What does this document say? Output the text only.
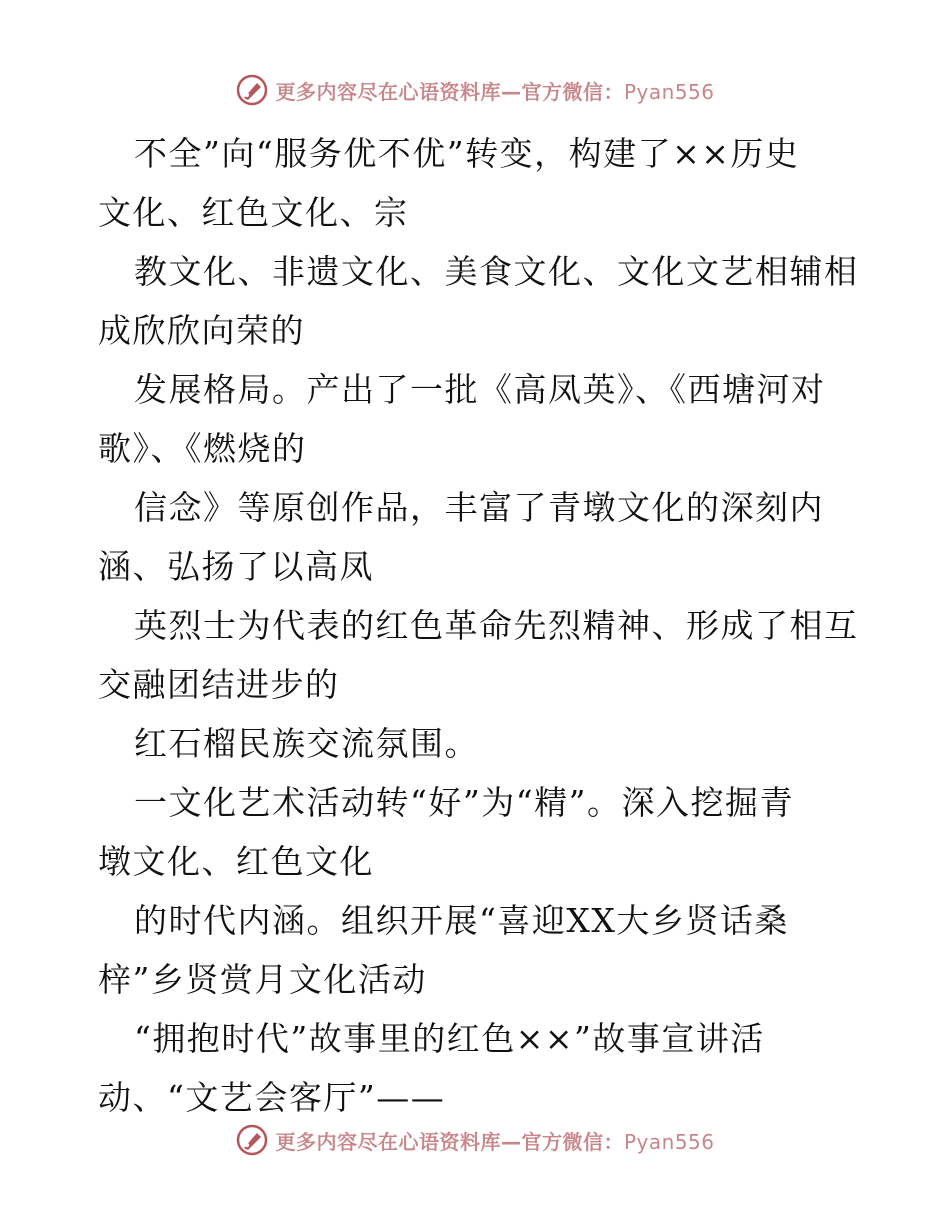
更多内容尽在心语资料库—官方微信：Pyan556
不全”向“服务优不优”转变，构建了××历史
文化、红色文化、宗
教文化、非遗文化、美食文化、文化文艺相辅相
成欣欣向荣的
发展格局。产出了一批《高凤英》、《西塘河对
歌》、《燃烧的
信念》等原创作品，丰富了青墩文化的深刻内
涵、弘扬了以高凤
英烈士为代表的红色革命先烈精神、形成了相互
交融团结进步的
红石榴民族交流氛围。
一文化艺术活动转“好”为“精”。深入挖掘青
墩文化、红色文化
的时代内涵。组织开展“喜迎XX大乡贤话桑
梓”乡贤赏月文化活动
“拥抱时代”故事里的红色××”故事宣讲活
动、“文艺会客厅”——
更多内容尽在心语资料库—官方微信：Pyan556
